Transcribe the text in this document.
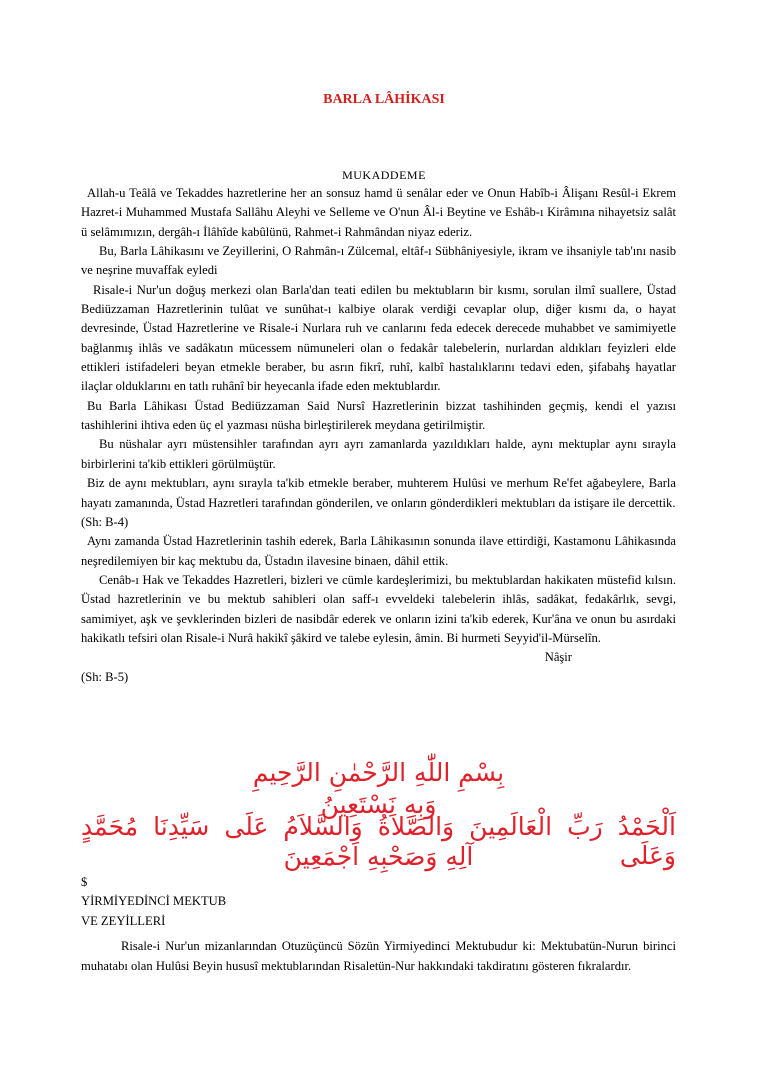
BARLA LÂHİKASI
MUKADDEME

Allah-u Teâlâ ve Tekaddes hazretlerine her an sonsuz hamd ü senâlar eder ve Onun Habîb-i Âlişanı Resûl-i Ekrem Hazret-i Muhammed Mustafa Sallâhu Aleyhi ve Selleme ve O'nun Âl-i Beytine ve Eshâb-ı Kirâmına nihayetsiz salât ü selâmımızın, dergâh-ı İlâhîde kabûlünü, Rahmet-i Rahmândan niyaz ederiz.

Bu, Barla Lâhikasını ve Zeyillerini, O Rahmân-ı Zülcemal, eltâf-ı Sübhâniyesiyle, ikram ve ihsaniyle tab'ını nasib ve neşrine muvaffak eyledi

Risale-i Nur'un doğuş merkezi olan Barla'dan teati edilen bu mektubların bir kısmı, sorulan ilmî suallere, Üstad Bediüzzaman Hazretlerinin tulûat ve sunûhat-ı kalbiye olarak verdiği cevaplar olup, diğer kısmı da, o hayat devresinde, Üstad Hazretlerine ve Risale-i Nurlara ruh ve canlarını feda edecek derecede muhabbet ve samimiyetle bağlanmış ihlâs ve sadâkatın mücessem nümuneleri olan o fedakâr talebelerin, nurlardan aldıkları feyizleri elde ettikleri istifadeleri beyan etmekle beraber, bu asrın fikrî, ruhî, kalbî hastalıklarını tedavi eden, şifabahş hayatlar ilaçlar olduklarını en tatlı ruhânî bir heyecanla ifade eden mektublardır.

Bu Barla Lâhikası Üstad Bediüzzaman Said Nursî Hazretlerinin bizzat tashihinden geçmiş, kendi el yazısı tashihlerini ihtiva eden üç el yazması nüsha birleştirilerek meydana getirilmiştir.

Bu nüshalar ayrı müstensihler tarafından ayrı ayrı zamanlarda yazıldıkları halde, aynı mektuplar aynı sırayla birbirlerini ta'kib ettikleri görülmüştür.

Biz de aynı mektubları, aynı sırayla ta'kib etmekle beraber, muhterem Hulûsi ve merhum Re'fet ağabeylere, Barla hayatı zamanında, Üstad Hazretleri tarafından gönderilen, ve onların gönderdikleri mektubları da istişare ile dercettik.

(Sh: B-4)

Aynı zamanda Üstad Hazretlerinin tashih ederek, Barla Lâhikasının sonunda ilave ettirdiği, Kastamonu Lâhikasında neşredilemiyen bir kaç mektubu da, Üstadın ilavesine binaen, dâhil ettik.

Cenâb-ı Hak ve Tekaddes Hazretleri, bizleri ve cümle kardeşlerimizi, bu mektublardan hakikaten müstefid kılsın. Üstad hazretlerinin ve bu mektub sahibleri olan saff-ı evveldeki talebelerin ihlâs, sadâkat, fedakârlık, sevgi, samimiyet, aşk ve şevklerinden bizleri de nasibdâr ederek ve onların izini ta'kib ederek, Kur'âna ve onun bu asırdaki hakikatlı tefsiri olan Risale-i Nurâ hakikî şâkird ve talebe eylesin, âmin. Bi hurmeti Seyyid'il-Mürselîn.

Nâşir

(Sh: B-5)

بِسْمِ اللّٰهِ الرَّحْمٰنِ الرَّحِيمِ
وَبِهِ نَسْتَعِينُ
اَلْحَمْدُ رَبِّ الْعَالَمِينَ وَالصَّلاَةُ وَالسَّلاَمُ عَلَى سَيِّدِنَا مُحَمَّدٍ وَعَلَى
آلِهِ وَصَحْبِهِ اَجْمَعِينَ

$

YİRMİYEDİNCİ MEKTUB

VE ZEYİLLERİ

Risale-i Nur'un mizanlarından Otuzüçüncü Sözün Yirmiyedinci Mektubudur ki: Mektubatün-Nurun birinci muhatabı olan Hulûsi Beyin hususî mektublarından Risaletün-Nur hakkındaki takdiratını gösteren fıkralardır.
